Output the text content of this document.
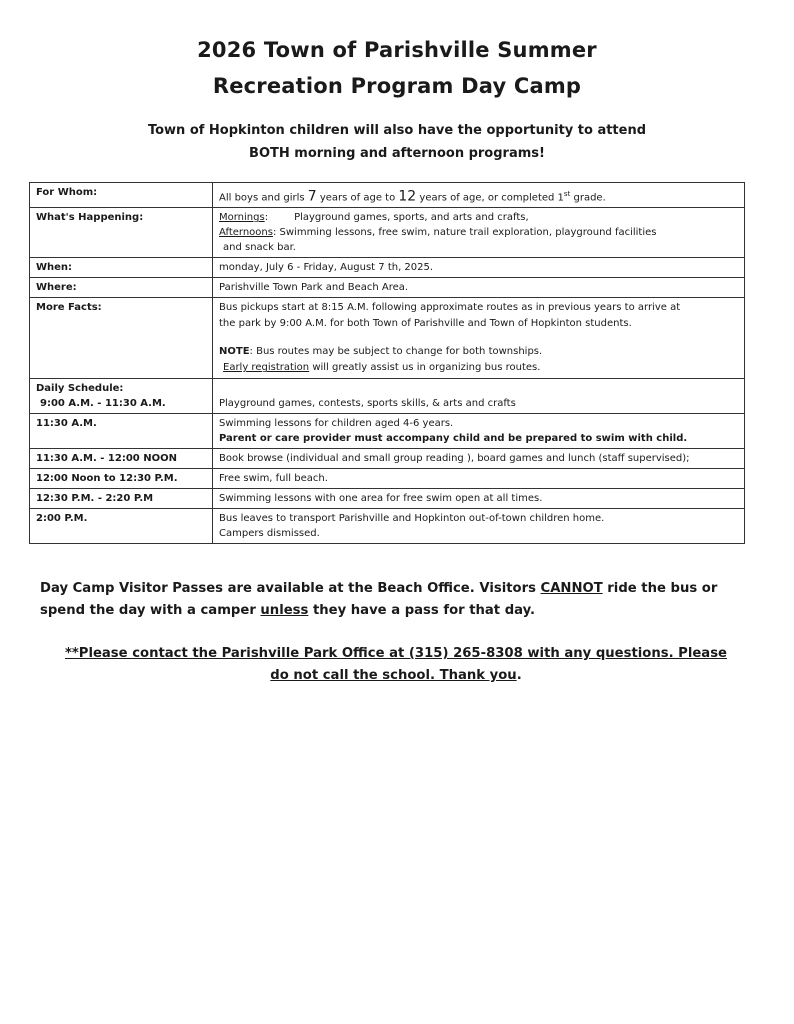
2026 Town of Parishville Summer
Recreation Program Day Camp
Town of Hopkinton children will also have the opportunity to attend
BOTH morning and afternoon programs!
For Whom:	All boys and girls 7 years of age to 12 years of age, or completed 1st grade.
What's Happening:	Mornings: Playground games, sports, and arts and crafts,
Afternoons: Swimming lessons, free swim, nature trail exploration, playground facilities
and snack bar.

When:	monday, July 6 - Friday, August 7 th, 2025.
Where:	Parishville Town Park and Beach Area.
More Facts:	Bus pickups start at 8:15 A.M. following approximate routes as in previous years to arrive at
the park by 9:00 A.M. for both Town of Parishville and Town of Hopkinton students.
NOTE: Bus routes may be subject to change for both townships.
Early registration will greatly assist us in organizing bus routes.

Daily Schedule:
9:00 A.M. - 11:30 A.M.	Playground games, contests, sports skills, & arts and crafts

11:30 A.M.	Swimming lessons for children aged 4-6 years.
Parent or care provider must accompany child and be prepared to swim with child.

11:30 A.M. - 12:00 NOON	Book browse (individual and small group reading ), board games and lunch (staff supervised);
12:00 Noon to 12:30 P.M.	Free swim, full beach.
12:30 P.M. - 2:20 P.M	Swimming lessons with one area for free swim open at all times.
2:00 P.M.	Bus leaves to transport Parishville and Hopkinton out-of-town children home.
Campers dismissed.
Day Camp Visitor Passes are available at the Beach Office. Visitors CANNOT ride the bus or spend the day with a camper unless they have a pass for that day.
**Please contact the Parishville Park Office at (315) 265-8308 with any questions. Please
do not call the school. Thank you.
